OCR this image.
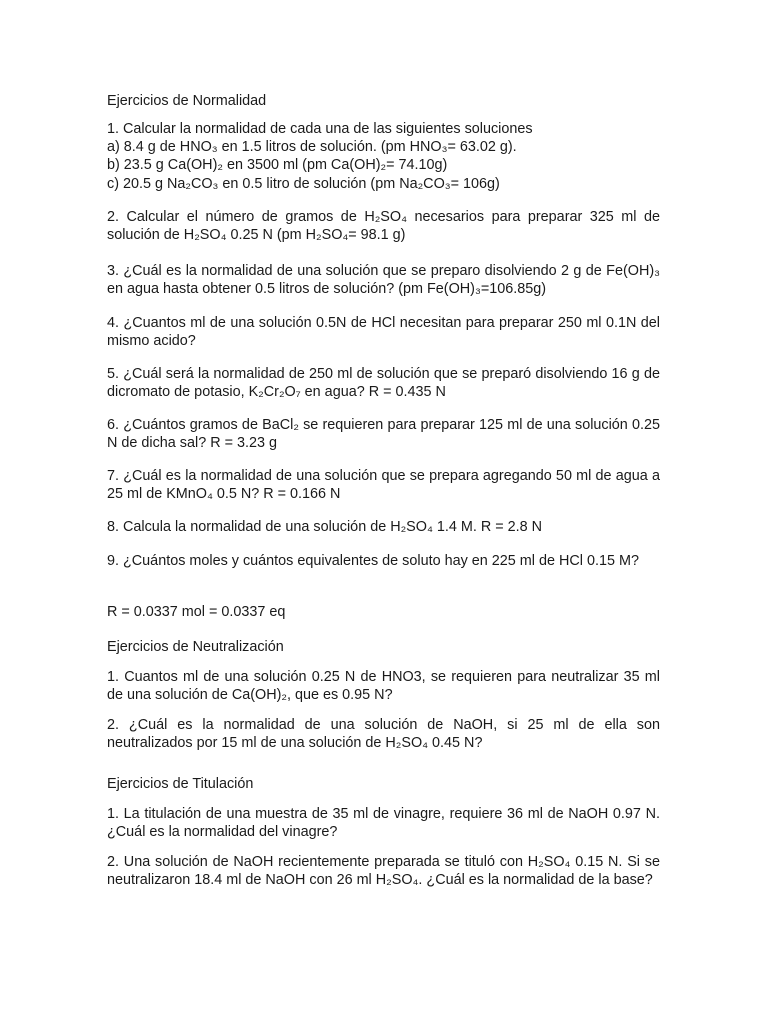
Ejercicios de Normalidad
1. Calcular la normalidad de cada una de las siguientes soluciones
a) 8.4 g de HNO₃ en 1.5 litros de solución. (pm HNO₃= 63.02 g).
b) 23.5 g Ca(OH)₂ en 3500 ml (pm Ca(OH)₂= 74.10g)
c) 20.5 g Na₂CO₃ en 0.5 litro de solución (pm Na₂CO₃= 106g)
2. Calcular el número de gramos de H₂SO₄ necesarios para preparar 325 ml de solución de H₂SO₄ 0.25 N (pm H₂SO₄= 98.1 g)
3. ¿Cuál es la normalidad de una solución que se preparo disolviendo 2 g de Fe(OH)₃ en agua hasta obtener 0.5 litros de solución? (pm Fe(OH)₃=106.85g)
4. ¿Cuantos ml de una solución 0.5N de HCl necesitan para preparar 250 ml 0.1N del mismo acido?
5. ¿Cuál será la normalidad de 250 ml de solución que se preparó disolviendo 16 g de dicromato de potasio, K₂Cr₂O₇ en agua? R = 0.435 N
6. ¿Cuántos gramos de BaCl₂ se requieren para preparar 125 ml de una solución 0.25 N de dicha sal? R = 3.23 g
7. ¿Cuál es la normalidad de una solución que se prepara agregando 50 ml de agua a 25 ml de KMnO₄ 0.5 N? R = 0.166 N
8. Calcula la normalidad de una solución de H₂SO₄ 1.4 M. R = 2.8 N
9. ¿Cuántos moles y cuántos equivalentes de soluto hay en 225 ml de HCl 0.15 M?
R = 0.0337 mol = 0.0337 eq
Ejercicios de Neutralización
1. Cuantos ml de una solución 0.25 N de HNO3, se requieren para neutralizar 35 ml de una solución de Ca(OH)₂, que es 0.95 N?
2. ¿Cuál es la normalidad de una solución de NaOH, si 25 ml de ella son neutralizados por 15 ml de una solución de H₂SO₄ 0.45 N?
Ejercicios de Titulación
1. La titulación de una muestra de 35 ml de vinagre, requiere 36 ml de NaOH 0.97 N. ¿Cuál es la normalidad del vinagre?
2. Una solución de NaOH recientemente preparada se tituló con H₂SO₄ 0.15 N. Si se neutralizaron 18.4 ml de NaOH con 26 ml H₂SO₄. ¿Cuál es la normalidad de la base?
